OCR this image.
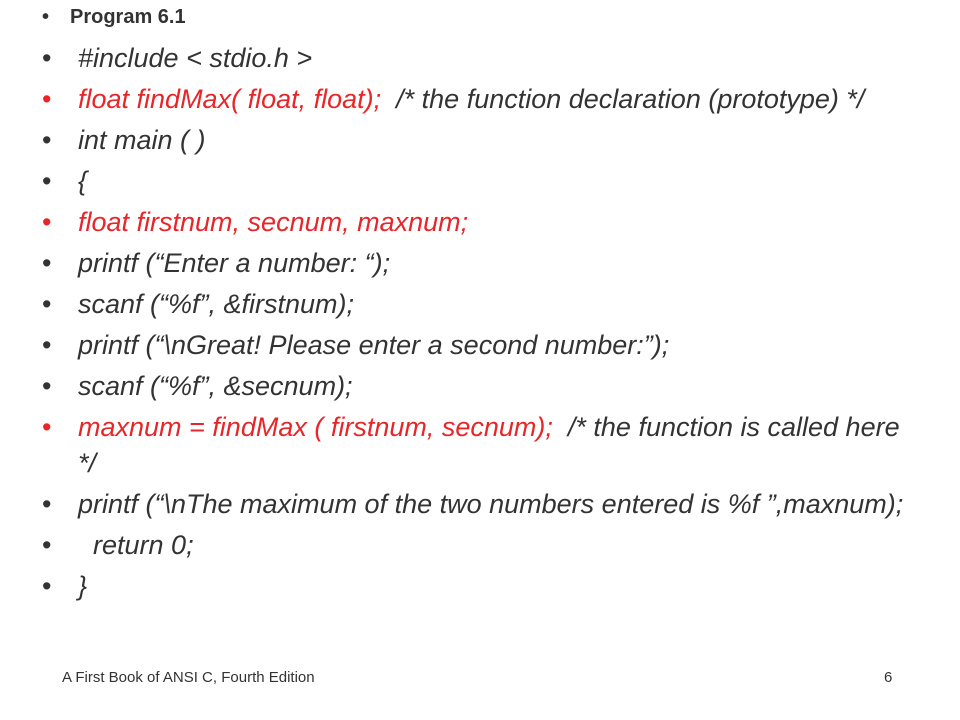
• Program 6.1
• #include < stdio.h >
• float findMax( float, float);  /* the function declaration (prototype) */
• int main ( )
• {
• float firstnum, secnum, maxnum;
• printf (“Enter a number: “);
• scanf (“%f”, &firstnum);
• printf (“\nGreat! Please enter a second number:”);
• scanf (“%f”, &secnum);
• maxnum = findMax ( firstnum, secnum);  /* the function is called here */
• printf (“\nThe maximum of the two numbers entered is %f ”,maxnum);
• return 0;
• }
A First Book of ANSI C, Fourth Edition	6
